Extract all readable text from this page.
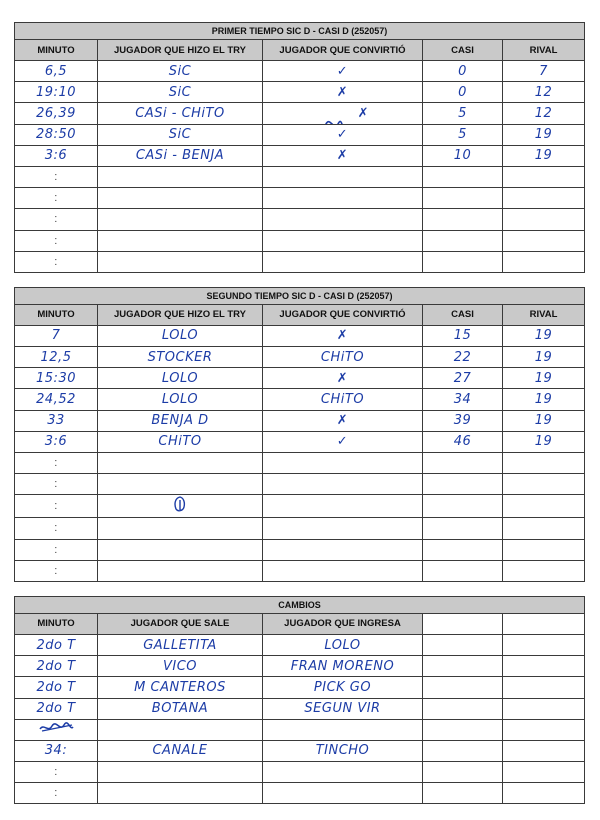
PRIMER TIEMPO SIC D - CASI D (252057)				
MINUTO	JUGADOR QUE HIZO EL TRY	JUGADOR QUE CONVIRTIÓ	CASI	RIVAL
6,5	SiC	✓	0	7
19:10	SiC	✗	0	12
26,39	CASi - CHiTO	✗	5	12
28:50	SiC	✓	5	19
3:6	CASi - BENJA	✗	10	19
:				
:				
:				
:				
:				
SEGUNDO TIEMPO SIC D - CASI D (252057)				
MINUTO	JUGADOR QUE HIZO EL TRY	JUGADOR QUE CONVIRTIÓ	CASI	RIVAL
7	LOLO	✗	15	19
12,5	STOCKER	CHiTO	22	19
15:30	LOLO	✗	27	19
24,52	LOLO	CHiTO	34	19
33	BENJA D	✗	39	19
3:6	CHiTO	✓	46	19
:				
:				
:				
:				
:				
:				
CAMBIOS				
MINUTO	JUGADOR QUE SALE	JUGADOR QUE INGRESA		
2do T	GALLETITA	LOLO		
2do T	VICO	FRAN MORENO		
2do T	M CANTEROS	PICK GO		
2do T	BOTANA	SEGUN VIR		

34:	CANALE	TINCHO		
:				
:				
